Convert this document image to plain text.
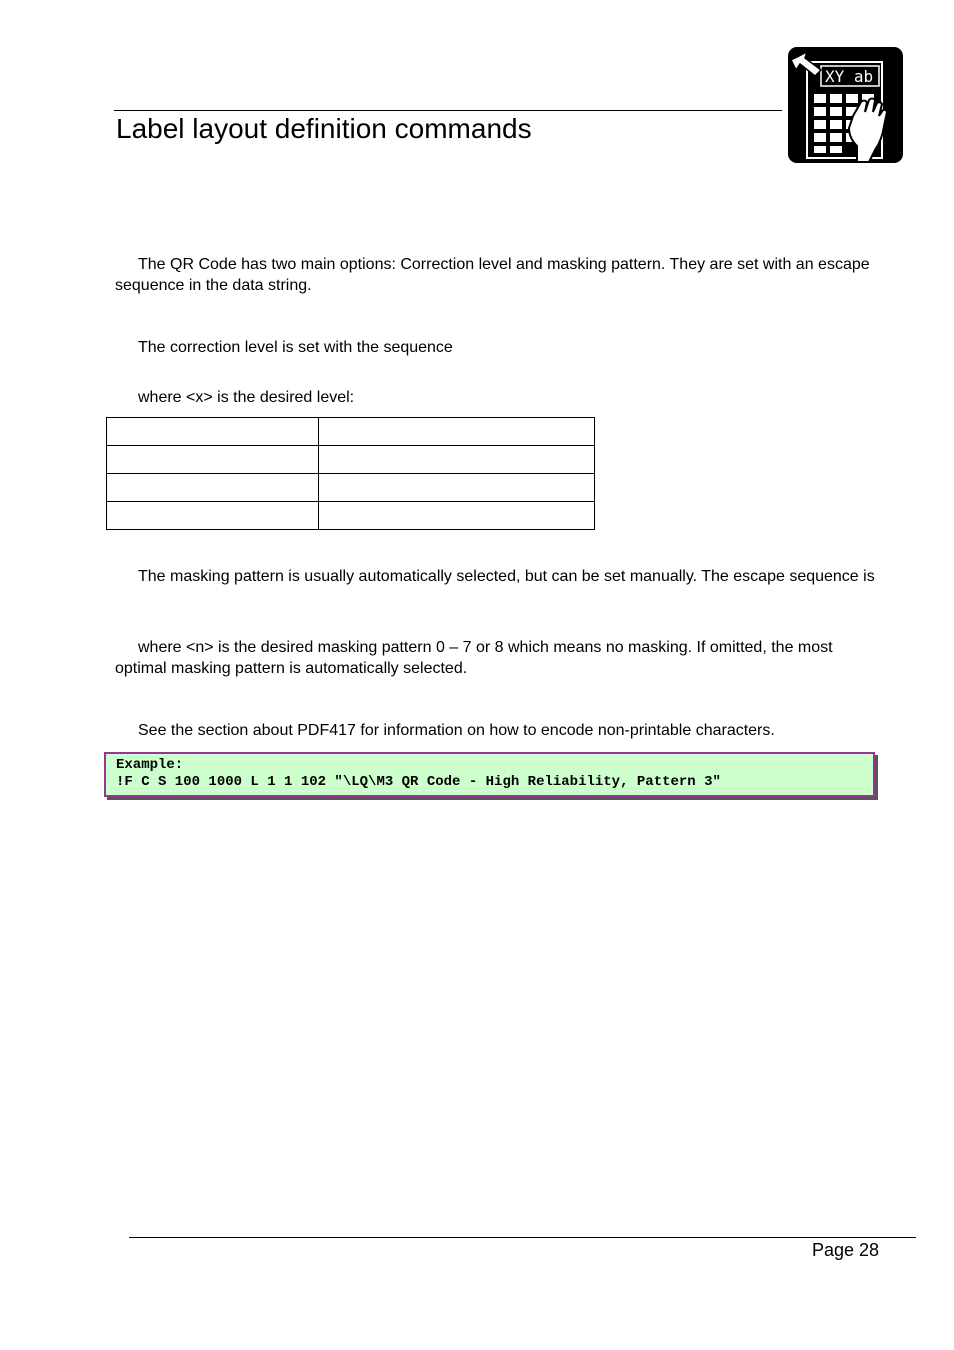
Label layout definition commands
XY ab
The QR Code has two main options: Correction level and masking pattern. They are set with an escape sequence in the data string.
The correction level is set with the sequence
where <x> is the desired level:

The masking pattern is usually automatically selected, but can be set manually. The escape sequence is
where <n> is the desired masking pattern 0 – 7 or 8 which means no masking. If omitted, the most optimal masking pattern is automatically selected.
See the section about PDF417 for information on how to encode non-printable characters.
Example:
!F C S 100 1000 L 1 1 102 "\LQ\M3 QR Code - High Reliability, Pattern 3"
Page 28
